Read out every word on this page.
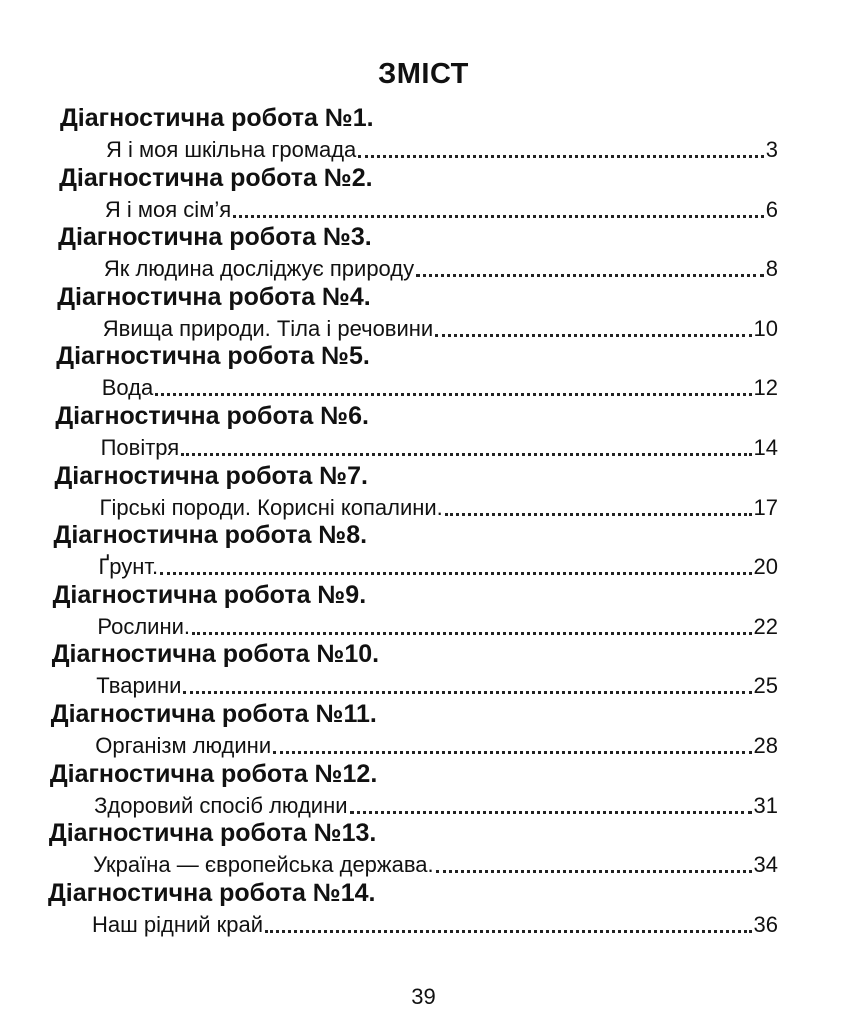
ЗМІСТ
Діагностична робота №1.
Я і моя шкільна громада	3
Діагностична робота №2.
Я і моя сім’я	6
Діагностична робота №3.
Як людина досліджує природу	8
Діагностична робота №4.
Явища природи. Тіла і речовини	10
Діагностична робота №5.
Вода	12
Діагностична робота №6.
Повітря	14
Діагностична робота №7.
Гірські породи. Корисні копалини.	17
Діагностична робота №8.
Ґрунт.	20
Діагностична робота №9.
Рослини.	22
Діагностична робота №10.
Тварини	25
Діагностична робота №11.
Організм людини	28
Діагностична робота №12.
Здоровий спосіб людини	31
Діагностична робота №13.
Україна — європейська держава.	34
Діагностична робота №14.
Наш рідний край	36
39
